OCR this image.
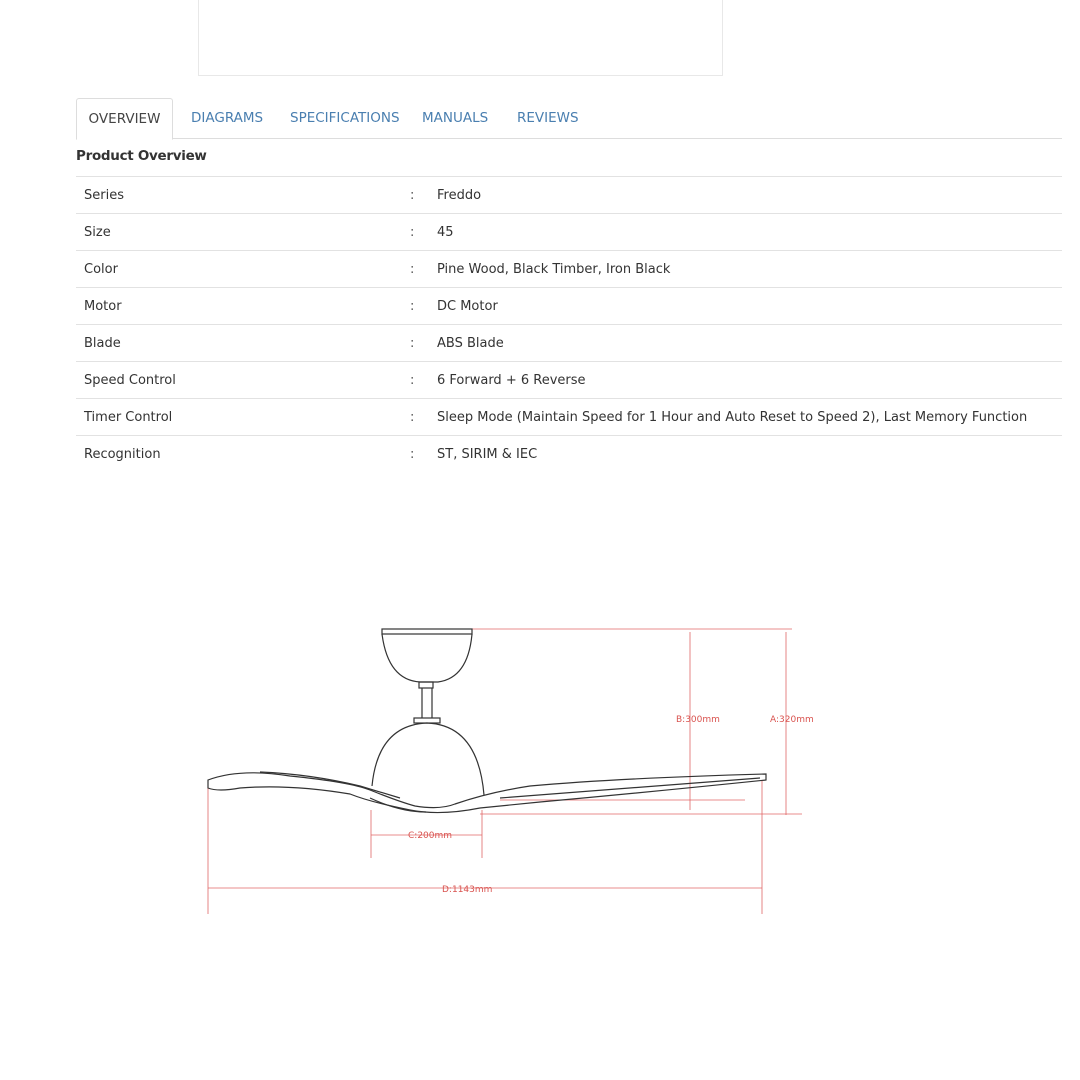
OVERVIEW	DIAGRAMS SPECIFICATIONS MANUALS REVIEWS
Product Overview
Series	: Freddo
Size	: 45
Color	: Pine Wood, Black Timber, Iron Black
Motor	: DC Motor
Blade	: ABS Blade
Speed Control	: 6 Forward + 6 Reverse
Timer Control	: Sleep Mode (Maintain Speed for 1 Hour and Auto Reset to Speed 2), Last Memory Function
Recognition	: ST, SIRIM & IEC
B:300mm	A:320mm
C:200mm
D:1143mm
